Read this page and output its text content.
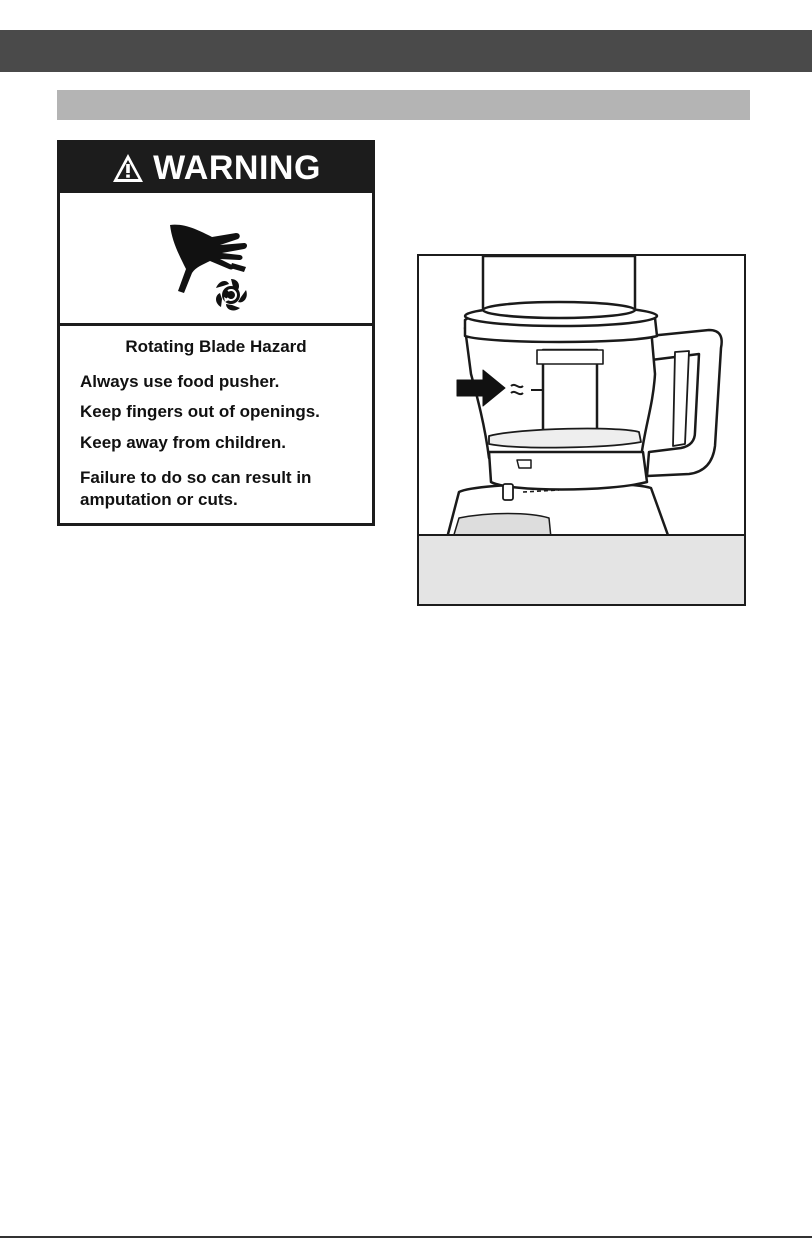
WARNING
Rotating Blade Hazard
Always use food pusher.
Keep fingers out of openings.
Keep away from children.
Failure to do so can result in amputation or cuts.
